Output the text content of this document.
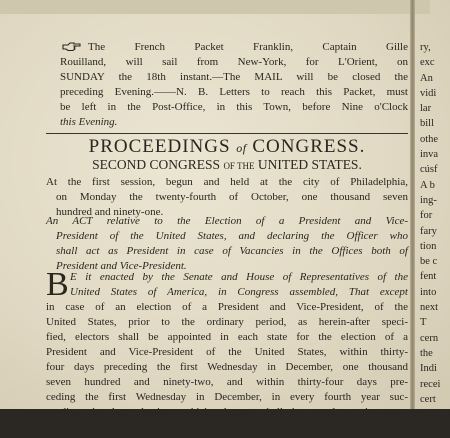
The French Packet Franklin, Captain Gille
Rouilland, will sail from New-York, for L'Orient, on
SUNDAY the 18th instant.—The MAIL will be closed the
preceding Evening.——N. B. Letters to reach this Packet, must
be left in the Post-Office, in this Town, before Nine o'Clock
this Evening.
PROCEEDINGS of CONGRESS.
SECOND CONGRESS OF THE UNITED STATES.
At the first session, begun and held at the city of Philadelphia,
on Monday the twenty-fourth of October, one thousand seven
hundred and ninety-one.
An ACT relative to the Election of a President and Vice-
President of the United States, and declaring the Officer who
shall act as President in case of Vacancies in the Offices both of
President and Vice-President.
B E it enacted by the Senate and House of Representatives of the
United States of America, in Congress assembled, That except
in case of an election of a President and Vice-President, of the
United States, prior to the ordinary period, as herein-after speci-
fied, electors shall be appointed in each state for the election of a
President and Vice-President of the United States, within thirty-
four days preceding the first Wednesday in December, one thousand
seven hundred and ninety-two, and within thirty-four days pre-
ceding the first Wednesday in December, in every fourth year suc-
ceeding the last election, which electors shall be equal to the num-
ry,
exc
An
vidi
lar
bill
othe
inva
cúsf
A b
ing-
for
fary
tion
be c
fent
into
next
T
cern
the
Indi
recei
cert
bill
Secr
